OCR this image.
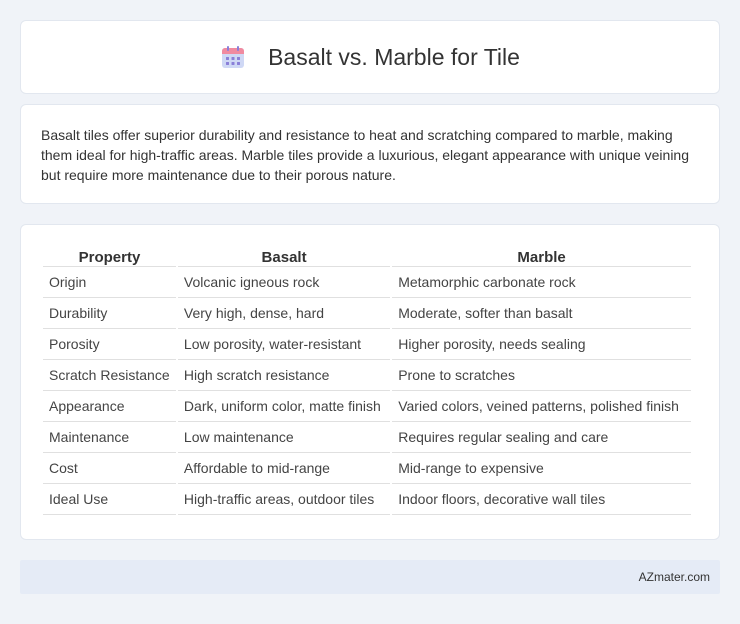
Basalt vs. Marble for Tile

Basalt tiles offer superior durability and resistance to heat and scratching compared to marble, making them ideal for high-traffic areas. Marble tiles provide a luxurious, elegant appearance with unique veining but require more maintenance due to their porous nature.

Property	Basalt	Marble
Origin	Volcanic igneous rock	Metamorphic carbonate rock
Durability	Very high, dense, hard	Moderate, softer than basalt
Porosity	Low porosity, water-resistant	Higher porosity, needs sealing
Scratch Resistance	High scratch resistance	Prone to scratches
Appearance	Dark, uniform color, matte finish	Varied colors, veined patterns, polished finish
Maintenance	Low maintenance	Requires regular sealing and care
Cost	Affordable to mid-range	Mid-range to expensive
Ideal Use	High-traffic areas, outdoor tiles	Indoor floors, decorative wall tiles
AZmater.com
